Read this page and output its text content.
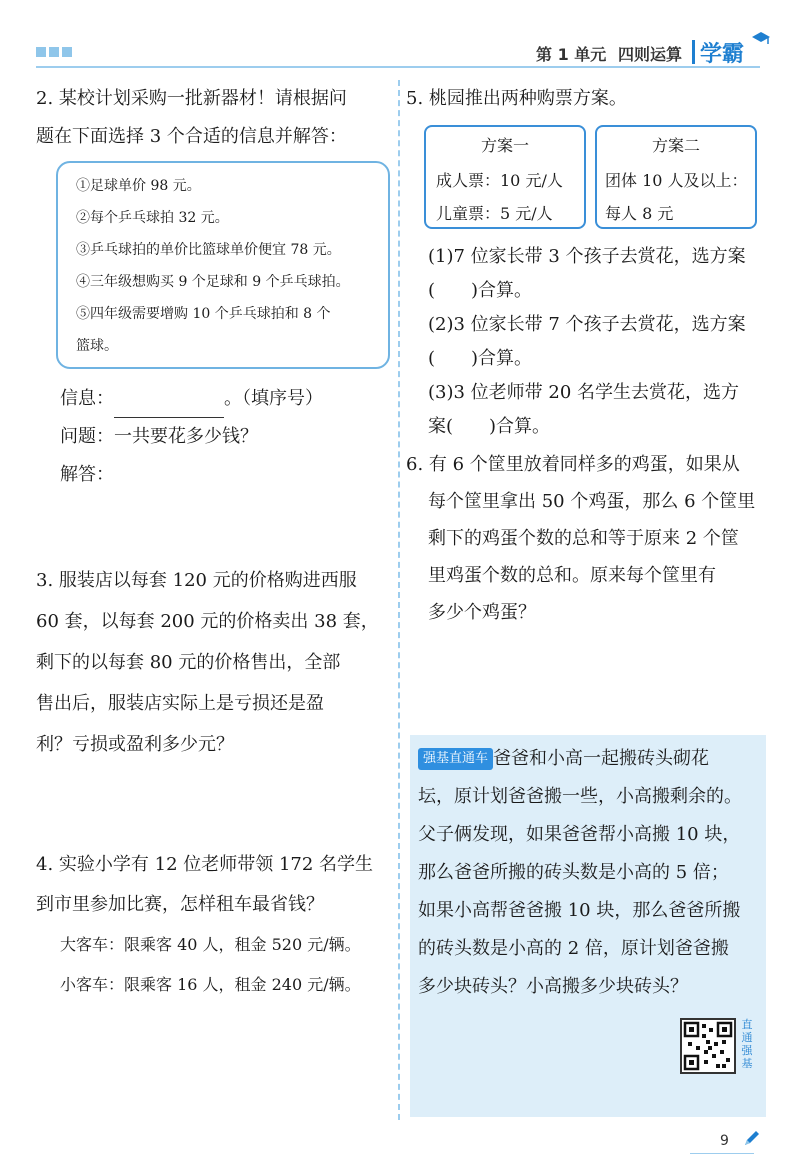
第 1 单元 四则运算 学霸
2. 某校计划采购一批新器材！请根据问
题在下面选择 3 个合适的信息并解答：
①足球单价 98 元。
②每个乒乓球拍 32 元。
③乒乓球拍的单价比篮球单价便宜 78 元。
④三年级想购买 9 个足球和 9 个乒乓球拍。
⑤四年级需要增购 10 个乒乓球拍和 8 个
篮球。
信息：	。（填序号）
问题：一共要花多少钱？
解答：
3. 服装店以每套 120 元的价格购进西服
60 套，以每套 200 元的价格卖出 38 套，
剩下的以每套 80 元的价格售出，全部
售出后，服装店实际上是亏损还是盈
利？亏损或盈利多少元？
4. 实验小学有 12 位老师带领 172 名学生
到市里参加比赛，怎样租车最省钱？
大客车：限乘客 40 人，租金 520 元/辆。
小客车：限乘客 16 人，租金 240 元/辆。
5. 桃园推出两种购票方案。
方案一
成人票：10 元/人
儿童票：5 元/人
方案二
团体 10 人及以上：
每人 8 元
(1)7 位家长带 3 个孩子去赏花，选方案
(　　)合算。
(2)3 位家长带 7 个孩子去赏花，选方案
(　　)合算。
(3)3 位老师带 20 名学生去赏花，选方
案(　　)合算。
6. 有 6 个筐里放着同样多的鸡蛋，如果从
每个筐里拿出 50 个鸡蛋，那么 6 个筐里
剩下的鸡蛋个数的总和等于原来 2 个筐
里鸡蛋个数的总和。原来每个筐里有
多少个鸡蛋？
强基直通车 爸爸和小高一起搬砖头砌花
坛，原计划爸爸搬一些，小高搬剩余的。
父子俩发现，如果爸爸帮小高搬 10 块，
那么爸爸所搬的砖头数是小高的 5 倍；
如果小高帮爸爸搬 10 块，那么爸爸所搬
的砖头数是小高的 2 倍，原计划爸爸搬
多少块砖头？小高搬多少块砖头？
直通强基
9
